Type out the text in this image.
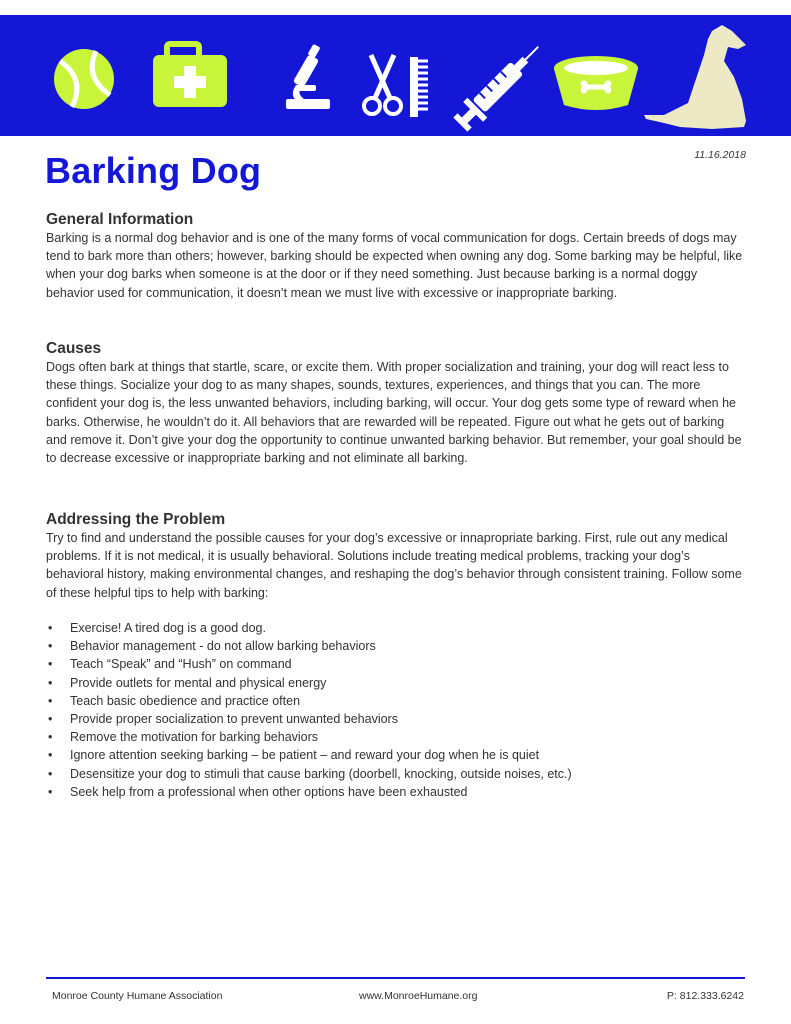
11.16.2018
Barking Dog
General Information

Barking is a normal dog behavior and is one of the many forms of vocal communication for dogs. Certain breeds of dogs may tend to bark more than others; however, barking should be expected when owning any dog. Some barking may be helpful, like when your dog barks when someone is at the door or if they need something. Just because barking is a normal doggy behavior used for communication, it doesn’t mean we must live with excessive or inappropriate barking.

Causes

Dogs often bark at things that startle, scare, or excite them. With proper socialization and training, your dog will react less to these things. Socialize your dog to as many shapes, sounds, textures, experiences, and things that you can. The more confident your dog is, the less unwanted behaviors, including barking, will occur. Your dog gets some type of reward when he barks. Otherwise, he wouldn’t do it. All behaviors that are rewarded will be repeated. Figure out what he gets out of barking and remove it. Don’t give your dog the opportunity to continue unwanted barking behavior. But remember, your goal should be to decrease excessive or inappropriate barking and not eliminate all barking.

Addressing the Problem

Try to find and understand the possible causes for your dog’s excessive or innapropriate barking. First, rule out any medical problems. If it is not medical, it is usually behavioral. Solutions include treating medical problems, tracking your dog’s behavioral history, making environmental changes, and reshaping the dog’s behavior through consistent training. Follow some of these helpful tips to help with barking:

• Exercise! A tired dog is a good dog.
• Behavior management - do not allow barking behaviors
• Teach “Speak” and “Hush” on command
• Provide outlets for mental and physical energy
• Teach basic obedience and practice often
• Provide proper socialization to prevent unwanted behaviors
• Remove the motivation for barking behaviors
• Ignore attention seeking barking – be patient – and reward your dog when he is quiet
• Desensitize your dog to stimuli that cause barking (doorbell, knocking, outside noises, etc.)
• Seek help from a professional when other options have been exhausted
Monroe County Humane Association	www.MonroeHumane.org	P: 812.333.6242
